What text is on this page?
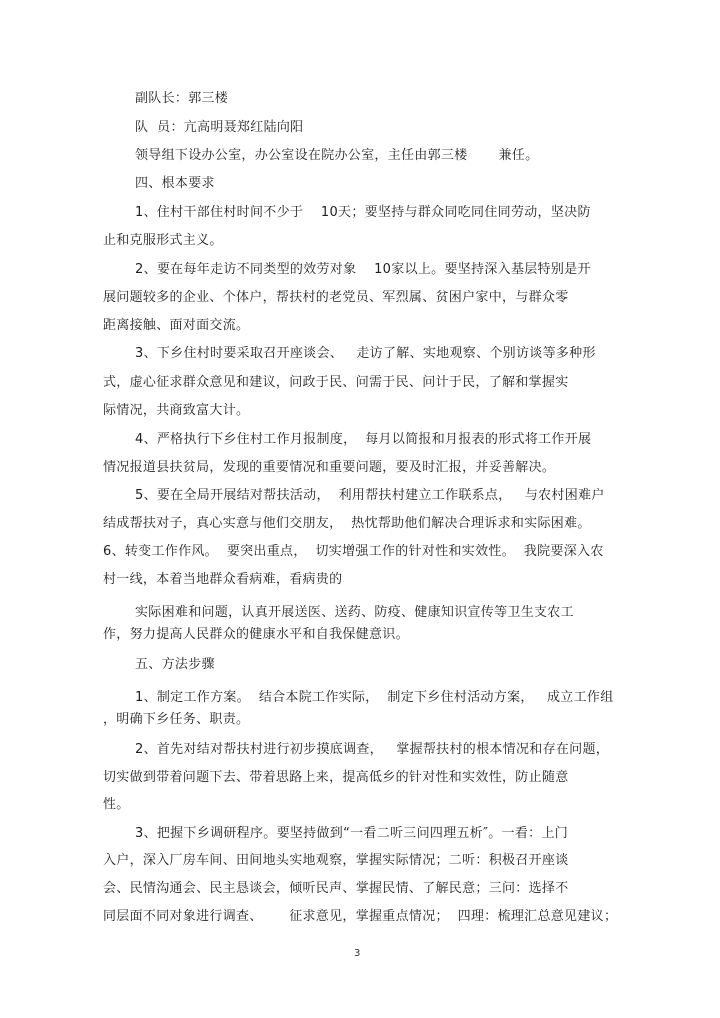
副队长：郭三楼
队  员：亢高明聂郑红陆向阳
领导组下设办公室，办公室设在院办公室，主任由郭三楼       兼任。
四、根本要求
1、住村干部住村时间不少于    10天；要坚持与群众同吃同住同劳动，坚决防
止和克服形式主义。
2、要在每年走访不同类型的效劳对象    10家以上。要坚持深入基层特别是开
展问题较多的企业、个体户，帮扶村的老党员、军烈属、贫困户家中，与群众零
距离接触、面对面交流。
3、下乡住村时要采取召开座谈会、   走访了解、实地观察、个别访谈等多种形
式，虚心征求群众意见和建议，问政于民、问需于民、问计于民，了解和掌握实
际情况，共商致富大计。
4、严格执行下乡住村工作月报制度，  每月以简报和月报表的形式将工作开展
情况报道县扶贫局，发现的重要情况和重要问题，要及时汇报，并妥善解决。
5、要在全局开展结对帮扶活动，  利用帮扶村建立工作联系点，   与农村困难户
结成帮扶对子，真心实意与他们交朋友，  热忱帮助他们解决合理诉求和实际困难。
6、转变工作作风。  要突出重点，  切实增强工作的针对性和实效性。  我院要深入农
村一线，本着当地群众看病难，看病贵的
实际困难和问题，认真开展送医、送药、防疫、健康知识宣传等卫生支农工
作，努力提高人民群众的健康水平和自我保健意识。
五、方法步骤
1、制定工作方案。  结合本院工作实际，  制定下乡住村活动方案，   成立工作组
，明确下乡任务、职责。
2、首先对结对帮扶村进行初步摸底调查，   掌握帮扶村的根本情况和存在问题，
切实做到带着问题下去、带着思路上来，提高低乡的针对性和实效性，防止随意
性。
3、把握下乡调研程序。要坚持做到“一看二听三问四理五析″。一看：上门
入户，深入厂房车间、田间地头实地观察，掌握实际情况；二听：积极召开座谈
会、民情沟通会、民主恳谈会，倾听民声、掌握民情、了解民意；三问：选择不
同层面不同对象进行调查、      征求意见，掌握重点情况；  四理：梳理汇总意见建议；
3
